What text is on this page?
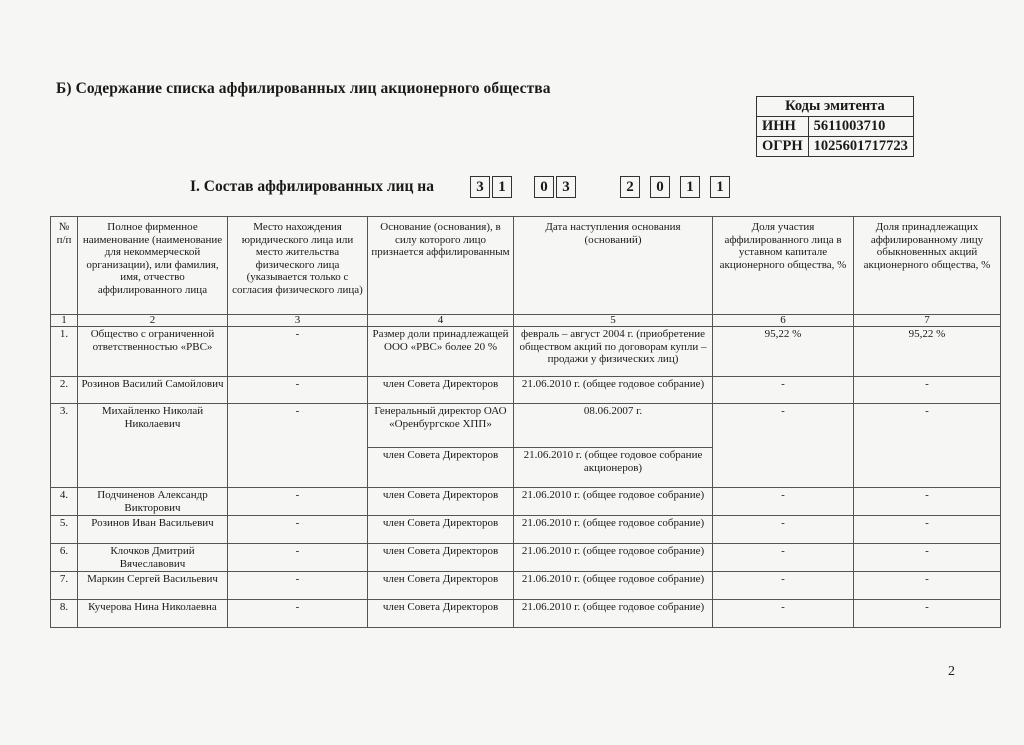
Б) Содержание списка аффилированных лиц акционерного общества
Коды эмитента	
ИНН	5611003710
ОГРН	1025601717723
I. Состав аффилированных лиц на	3 1	0 3	2	0	1	1
№ п/п	Полное фирменное наименование (наименование для некоммерческой организации), или фамилия, имя, отчество аффилированного лица	Место нахождения юридического лица или место жительства физического лица (указывается только с согласия физического лица)	Основание (основания), в силу которого лицо признается аффилированным	Дата наступления основания (оснований)	Доля участия аффилированного лица в уставном капитале акционерного общества, %	Доля принадлежащих аффилированному лицу обыкновенных акций акционерного общества, %
1	2	3	4	5	6	7
1.	Общество с ограниченной ответственностью «РВС»	-	Размер доли принадлежащей ООО «РВС» более 20 %	февраль – август 2004 г. (приобретение обществом акций по договорам купли – продажи у физических лиц)	95,22 %	95,22 %
2.	Розинов Василий Самойлович	-	член Совета Директоров	21.06.2010 г. (общее годовое собрание)	-	-
3.	Михайленко Николай Николаевич	-	Генеральный директор ОАО «Оренбургское ХПП»	08.06.2007 г.	-	-
			член Совета Директоров	21.06.2010 г. (общее годовое собрание акционеров)		
4.	Подчиненов Александр Викторович	-	член Совета Директоров	21.06.2010 г. (общее годовое собрание)	-	-
5.	Розинов Иван Васильевич	-	член Совета Директоров	21.06.2010 г. (общее годовое собрание)	-	-
6.	Клочков Дмитрий Вячеславович	-	член Совета Директоров	21.06.2010 г. (общее годовое собрание)	-	-
7.	Маркин Сергей Васильевич	-	член Совета Директоров	21.06.2010 г. (общее годовое собрание)	-	-
8.	Кучерова Нина Николаевна	-	член Совета Директоров	21.06.2010 г. (общее годовое собрание)	-	-
2
